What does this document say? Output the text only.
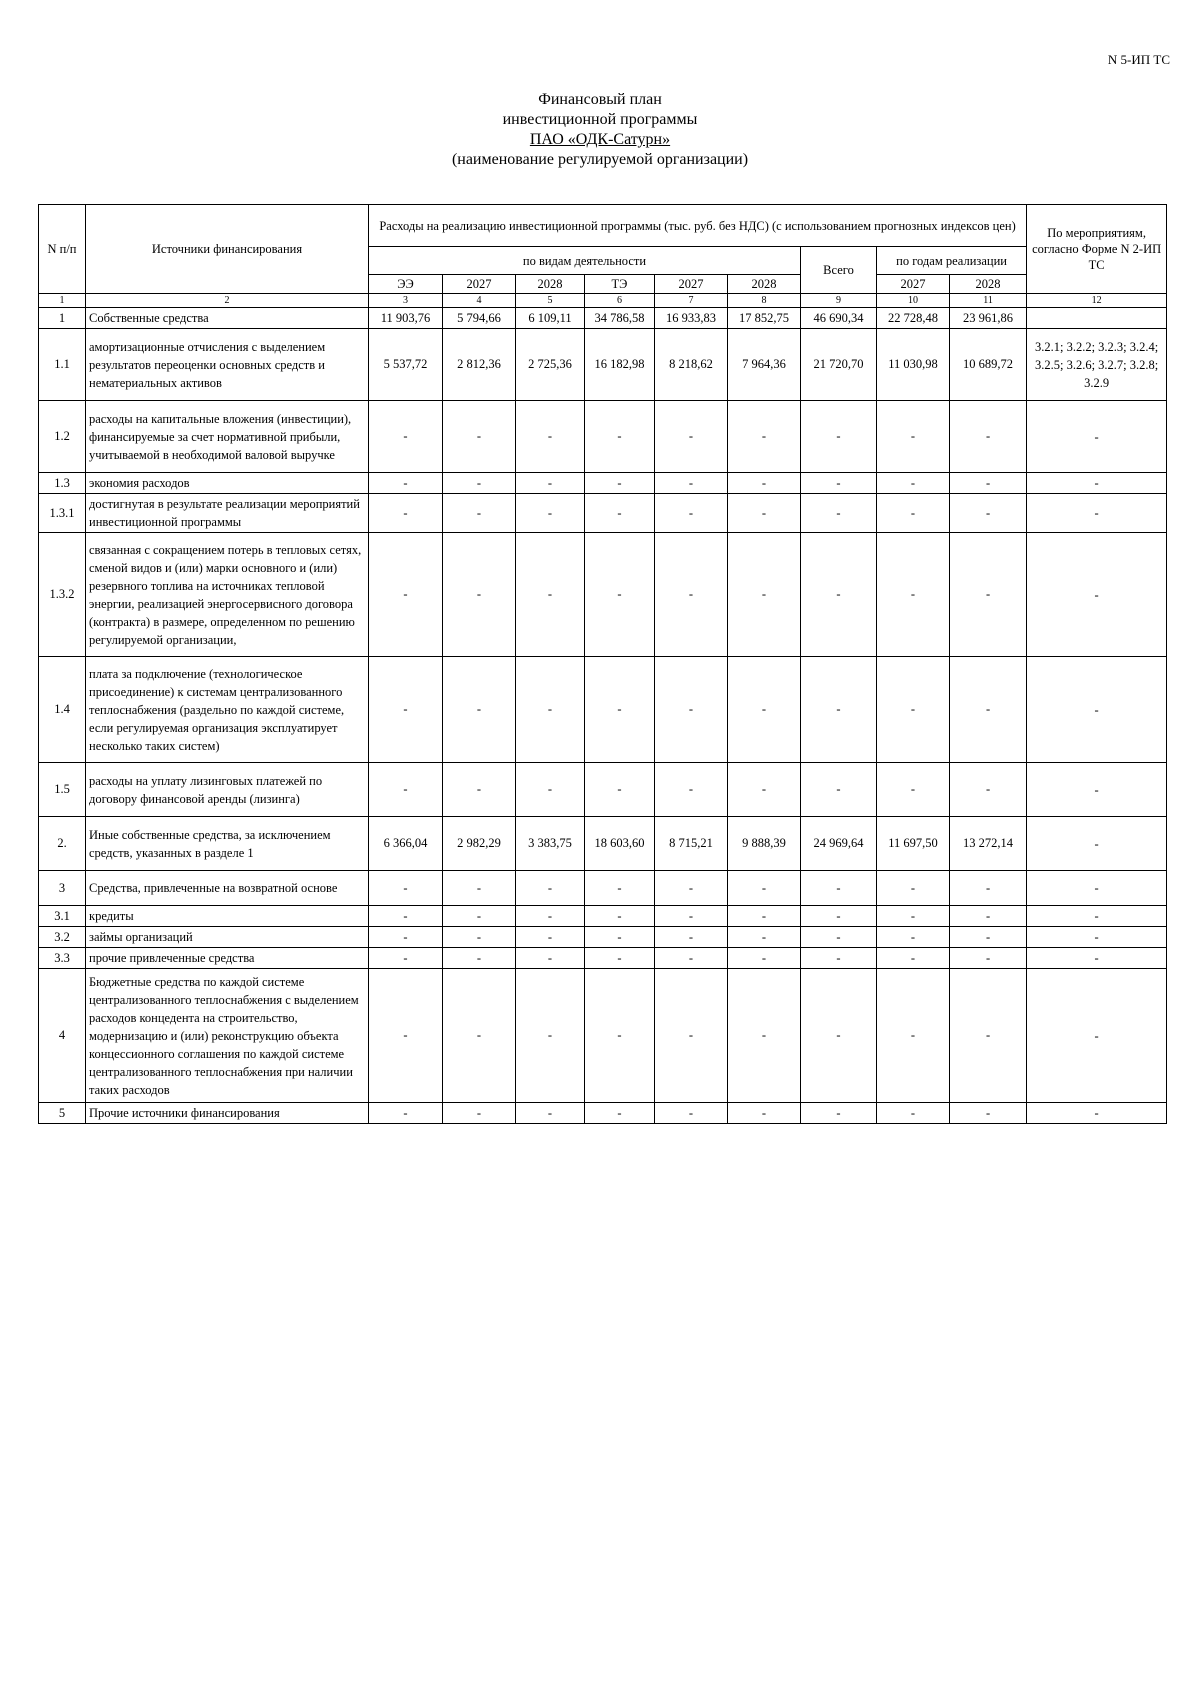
N 5-ИП ТС
Финансовый план
инвестиционной программы
ПАО «ОДК-Сатурн»
(наименование регулируемой организации)
N п/п	Источники финансирования	Расходы на реализацию инвестиционной программы (тыс. руб. без НДС) (с использованием прогнозных индексов цен)									По мероприятиям, согласно Форме N 2-ИП ТС
		по видам деятельности						Всего	по годам реализации		
		ЭЭ	2027	2028	ТЭ	2027	2028		2027	2028	
1	2	3	4	5	6	7	8	9	10	11	12
1	Собственные средства	11 903,76	5 794,66	6 109,11	34 786,58	16 933,83	17 852,75	46 690,34	22 728,48	23 961,86	
1.1	амортизационные отчисления с выделением результатов переоценки основных средств и нематериальных активов	5 537,72	2 812,36	2 725,36	16 182,98	8 218,62	7 964,36	21 720,70	11 030,98	10 689,72	3.2.1; 3.2.2; 3.2.3; 3.2.4; 3.2.5; 3.2.6; 3.2.7; 3.2.8; 3.2.9
1.2	расходы на капитальные вложения (инвестиции), финансируемые за счет нормативной прибыли, учитываемой в необходимой валовой выручке	-	-	-	-	-	-	-	-	-	-
1.3	экономия расходов	-	-	-	-	-	-	-	-	-	-
1.3.1	достигнутая в результате реализации мероприятий инвестиционной программы	-	-	-	-	-	-	-	-	-	-
1.3.2	связанная с сокращением потерь в тепловых сетях, сменой видов и (или) марки основного и (или) резервного топлива на источниках тепловой энергии, реализацией энергосервисного договора (контракта) в размере, определенном по решению регулируемой организации,	-	-	-	-	-	-	-	-	-	-
1.4	плата за подключение (технологическое присоединение) к системам централизованного теплоснабжения (раздельно по каждой системе, если регулируемая организация эксплуатирует несколько таких систем)	-	-	-	-	-	-	-	-	-	-
1.5	расходы на уплату лизинговых платежей по договору финансовой аренды (лизинга)	-	-	-	-	-	-	-	-	-	-
2.	Иные собственные средства, за исключением средств, указанных в разделе 1	6 366,04	2 982,29	3 383,75	18 603,60	8 715,21	9 888,39	24 969,64	11 697,50	13 272,14	-
3	Средства, привлеченные на возвратной основе	-	-	-	-	-	-	-	-	-	-
3.1	кредиты	-	-	-	-	-	-	-	-	-	-
3.2	займы организаций	-	-	-	-	-	-	-	-	-	-
3.3	прочие привлеченные средства	-	-	-	-	-	-	-	-	-	-
4	Бюджетные средства по каждой системе централизованного теплоснабжения с выделением расходов концедента на строительство, модернизацию и (или) реконструкцию объекта концессионного соглашения по каждой системе централизованного теплоснабжения при наличии таких расходов	-	-	-	-	-	-	-	-	-	-
5	Прочие источники финансирования	-	-	-	-	-	-	-	-	-	-
